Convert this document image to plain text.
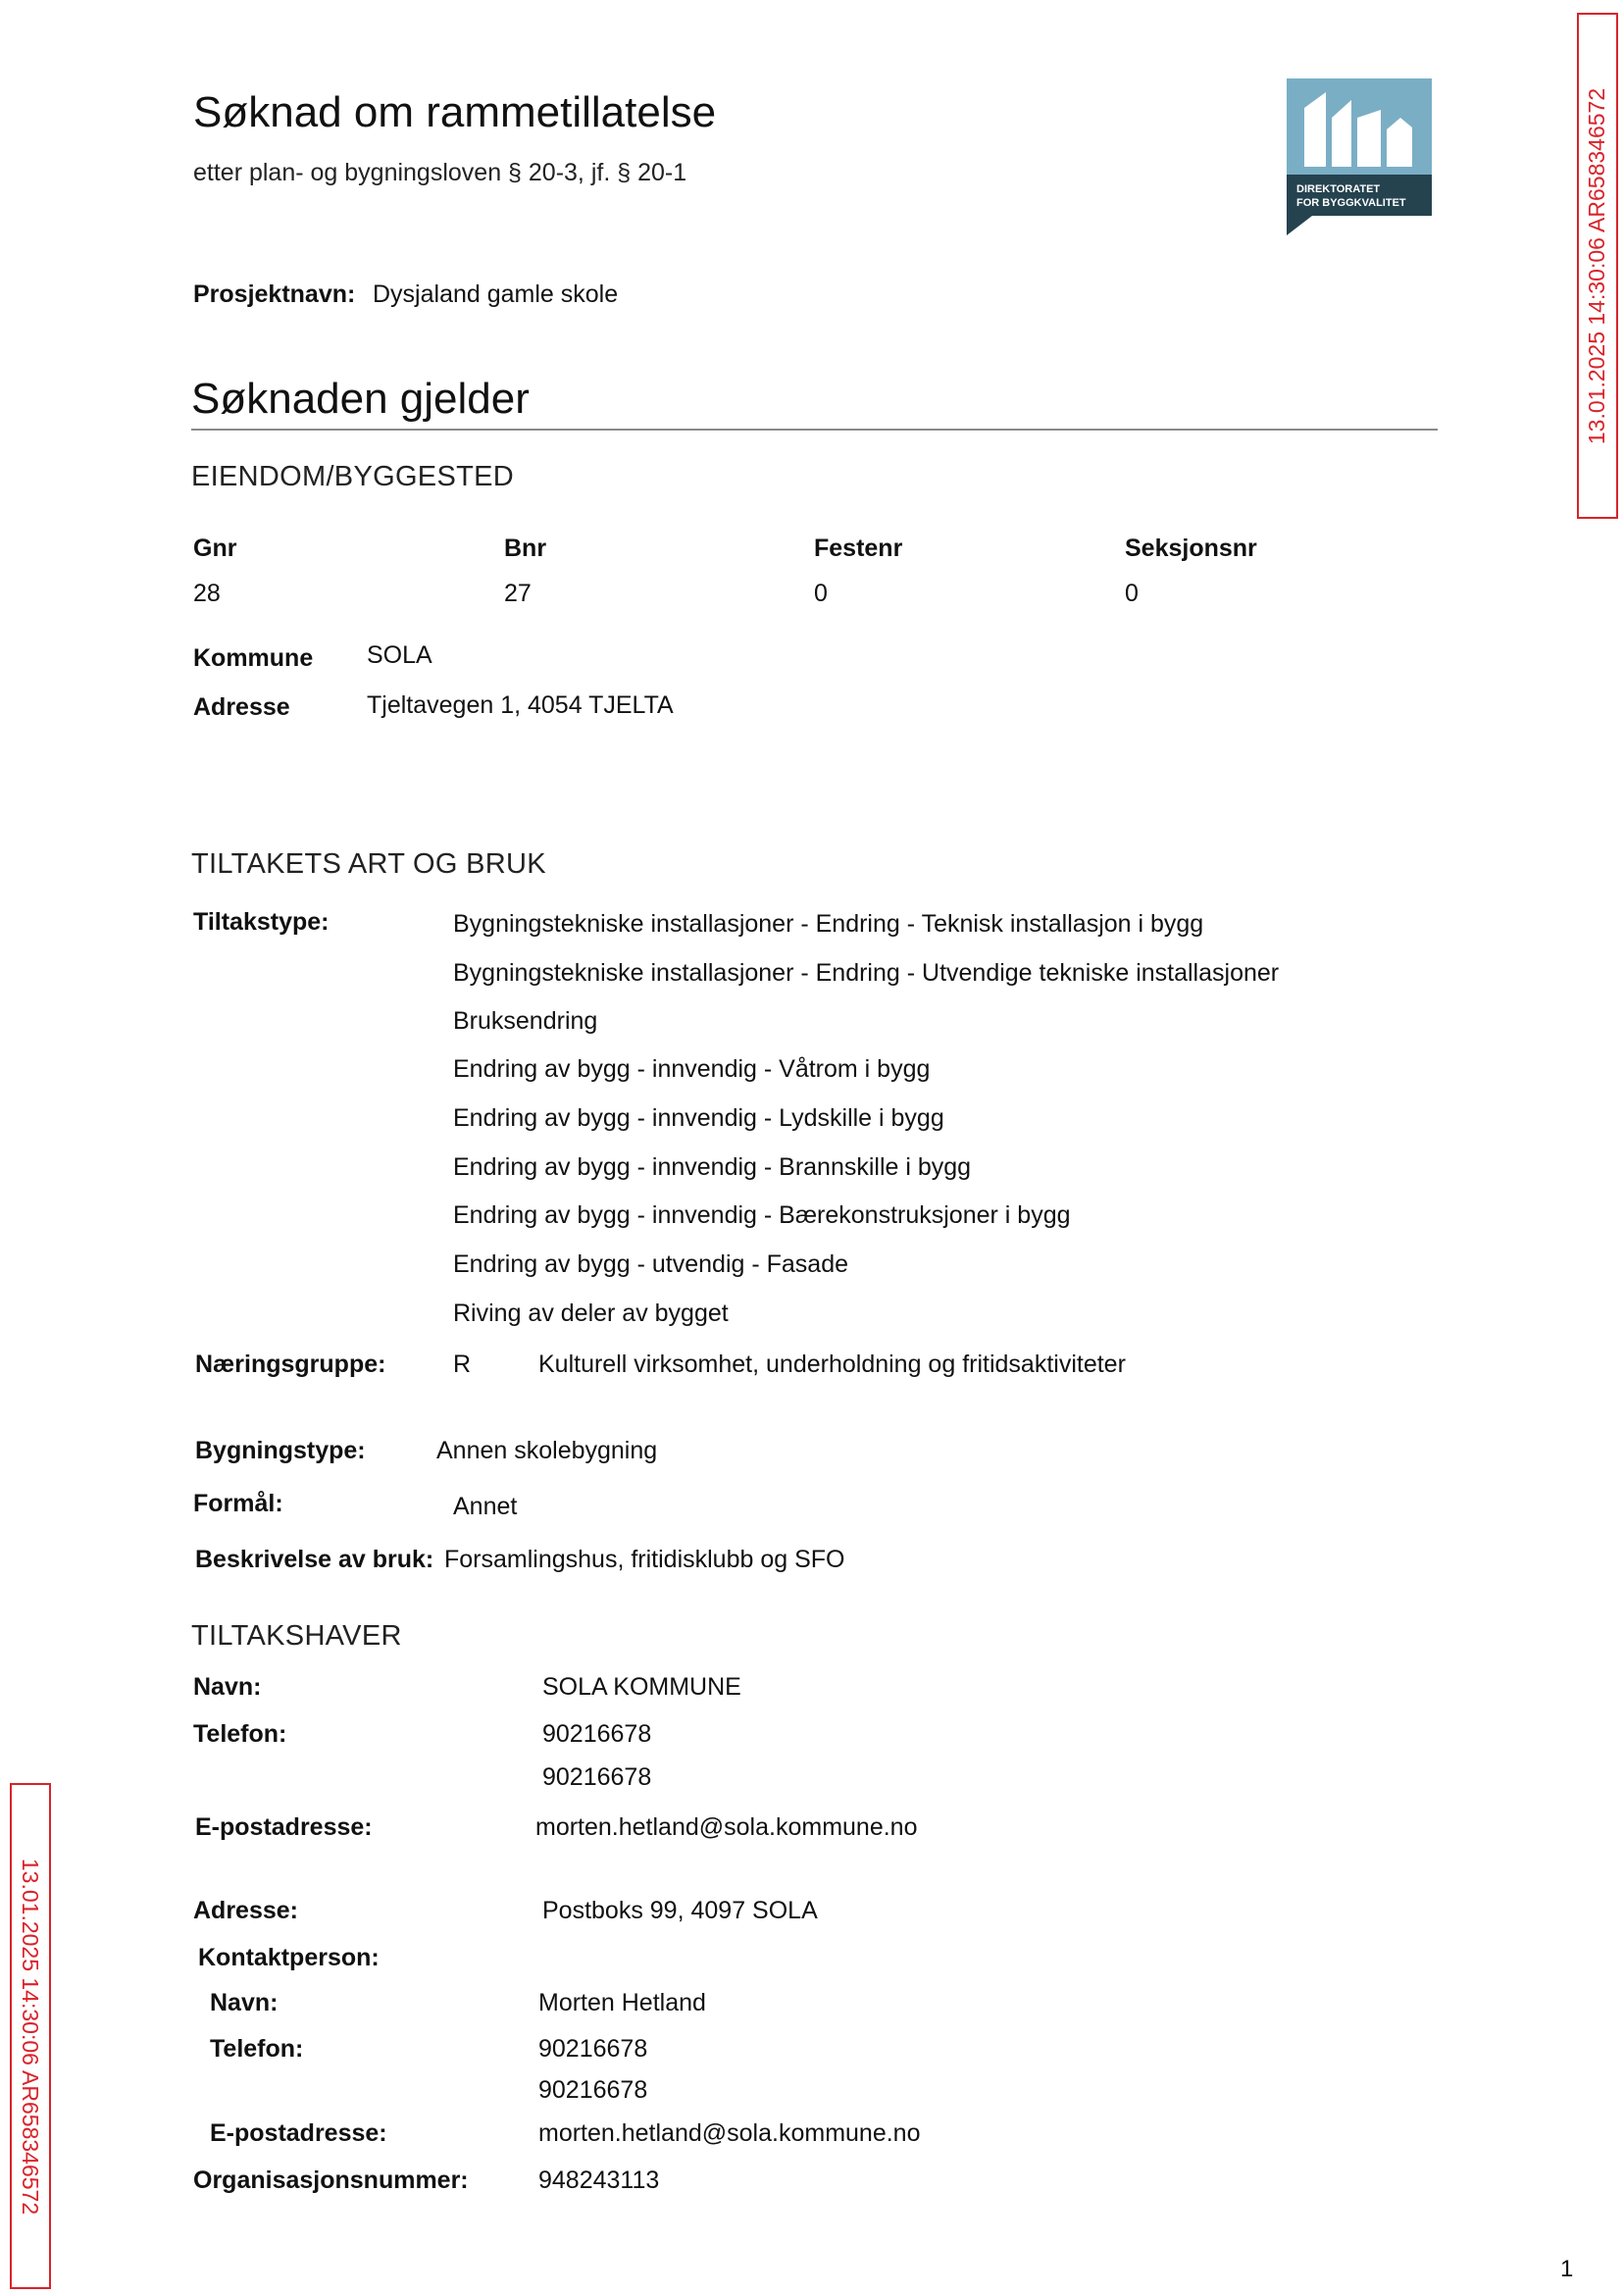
Søknad om rammetillatelse
etter plan- og bygningsloven § 20-3, jf. § 20-1
DIREKTORATET
FOR BYGGKVALITET	13.01.2025 14:30:06 AR658346572
13.01.2025 14:30:06 AR658346572
Prosjektnavn: Dysjaland gamle skole
Søknaden gjelder
EIENDOM/BYGGESTED
Gnr	Bnr	Festenr	Seksjonsnr
28	27	0	0
Kommune SOLA
Adresse	Tjeltavegen 1, 4054 TJELTA
TILTAKETS ART OG BRUK
Tiltakstype:	Bygningstekniske installasjoner - Endring - Teknisk installasjon i bygg
Bygningstekniske installasjoner - Endring - Utvendige tekniske installasjoner
Bruksendring
Endring av bygg - innvendig - Våtrom i bygg
Endring av bygg - innvendig - Lydskille i bygg
Endring av bygg - innvendig - Brannskille i bygg
Endring av bygg - innvendig - Bærekonstruksjoner i bygg
Endring av bygg - utvendig - Fasade
Riving av deler av bygget
Næringsgruppe:	R	Kulturell virksomhet, underholdning og fritidsaktiviteter
Bygningstype:	Annen skolebygning
Formål:	Annet
Beskrivelse av bruk: Forsamlingshus, fritidisklubb og SFO
TILTAKSHAVER
Navn:	SOLA KOMMUNE
Telefon:	90216678
90216678
E-postadresse:	morten.hetland@sola.kommune.no
Adresse:	Postboks 99, 4097 SOLA
Kontaktperson:
Navn:	Morten Hetland
Telefon:	90216678
90216678
E-postadresse:	morten.hetland@sola.kommune.no
Organisasjonsnummer:	948243113
1
